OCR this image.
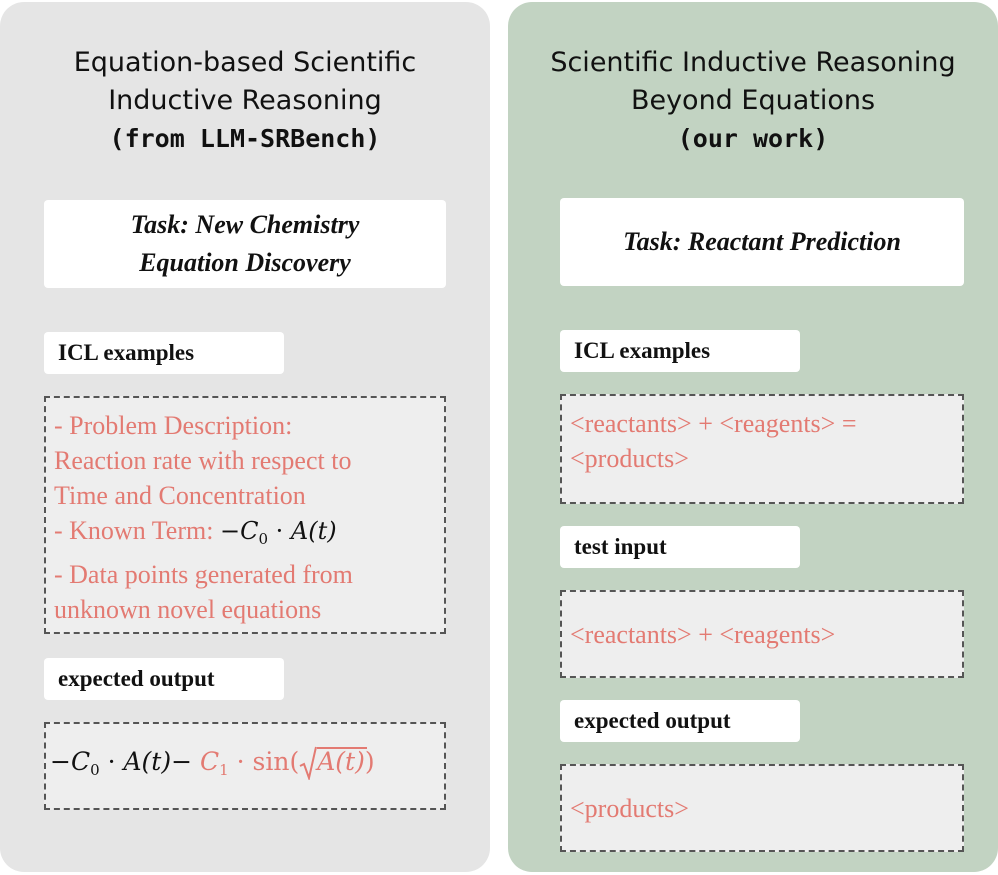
Equation-based Scientific
Inductive Reasoning
(from LLM-SRBench)
Task: New Chemistry
Equation Discovery
ICL examples
- Problem Description:
Reaction rate with respect to
Time and Concentration
- Known Term: $-C_0 \cdot A(t)$
- Data points generated from
unknown novel equations
expected output
$-C_0 \cdot A(t)- C_1 \cdot \sin$( A(t))
Scientific Inductive Reasoning
Beyond Equations
(our work)
Task: Reactant Prediction
ICL examples
<reactants> + <reagents> =
<products>
test input
<reactants> + <reagents>
expected output
<products>
